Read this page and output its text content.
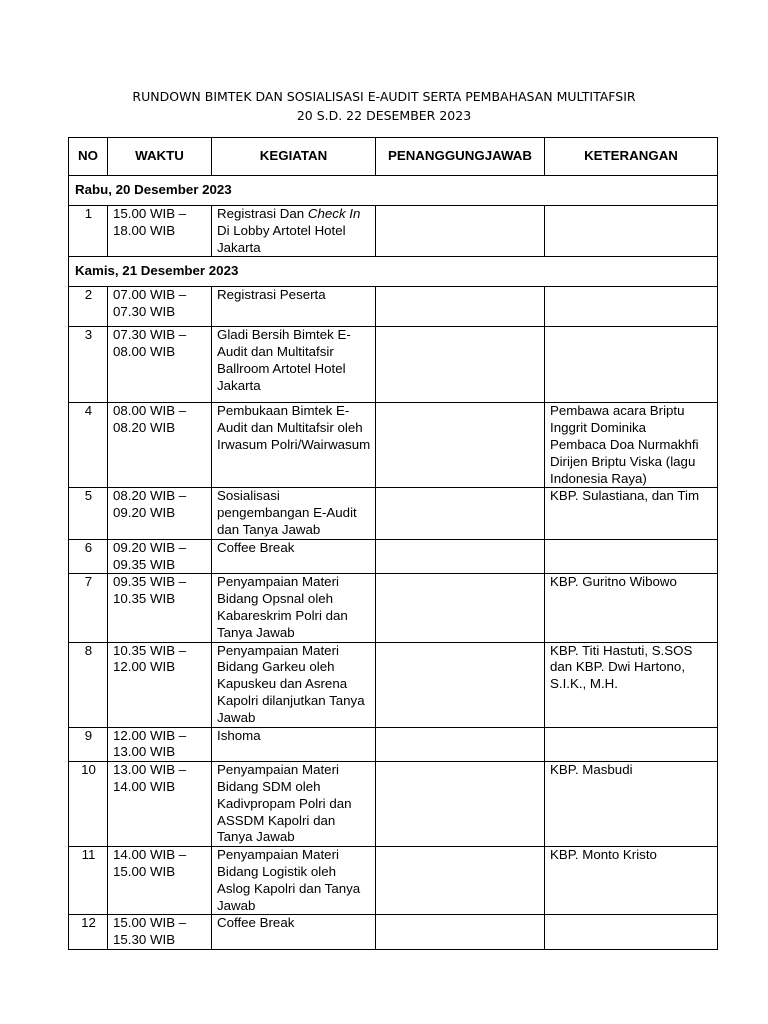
RUNDOWN BIMTEK DAN SOSIALISASI E-AUDIT SERTA PEMBAHASAN MULTITAFSIR
20 S.D. 22 DESEMBER 2023
NO	WAKTU	KEGIATAN	PENANGGUNGJAWAB	KETERANGAN
Rabu, 20 Desember 2023				
1	15.00 WIB – 18.00 WIB	Registrasi Dan Check In Di Lobby Artotel Hotel Jakarta		
Kamis, 21 Desember 2023				
2	07.00 WIB – 07.30 WIB	Registrasi Peserta		
3	07.30 WIB – 08.00 WIB	Gladi Bersih Bimtek E-Audit dan Multitafsir Ballroom Artotel Hotel Jakarta		
4	08.00 WIB – 08.20 WIB	Pembukaan Bimtek E-Audit dan Multitafsir oleh Irwasum Polri/Wairwasum		Pembawa acara Briptu Inggrit Dominika
Pembaca Doa Nurmakhfi
Dirijen Briptu Viska (lagu Indonesia Raya)

5	08.20 WIB – 09.20 WIB	Sosialisasi pengembangan E-Audit dan Tanya Jawab		KBP. Sulastiana, dan Tim
6	09.20 WIB – 09.35 WIB	Coffee Break		
7	09.35 WIB – 10.35 WIB	Penyampaian Materi Bidang Opsnal oleh Kabareskrim Polri dan Tanya Jawab		KBP. Guritno Wibowo
8	10.35 WIB – 12.00 WIB	Penyampaian Materi Bidang Garkeu oleh Kapuskeu dan Asrena Kapolri dilanjutkan Tanya Jawab		KBP. Titi Hastuti, S.SOS dan KBP. Dwi Hartono, S.I.K., M.H.
9	12.00 WIB – 13.00 WIB	Ishoma		
10	13.00 WIB – 14.00 WIB	Penyampaian Materi Bidang SDM oleh Kadivpropam Polri dan ASSDM Kapolri dan Tanya Jawab		KBP. Masbudi
11	14.00 WIB – 15.00 WIB	Penyampaian Materi Bidang Logistik oleh Aslog Kapolri dan Tanya Jawab		KBP. Monto Kristo
12	15.00 WIB – 15.30 WIB	Coffee Break		
